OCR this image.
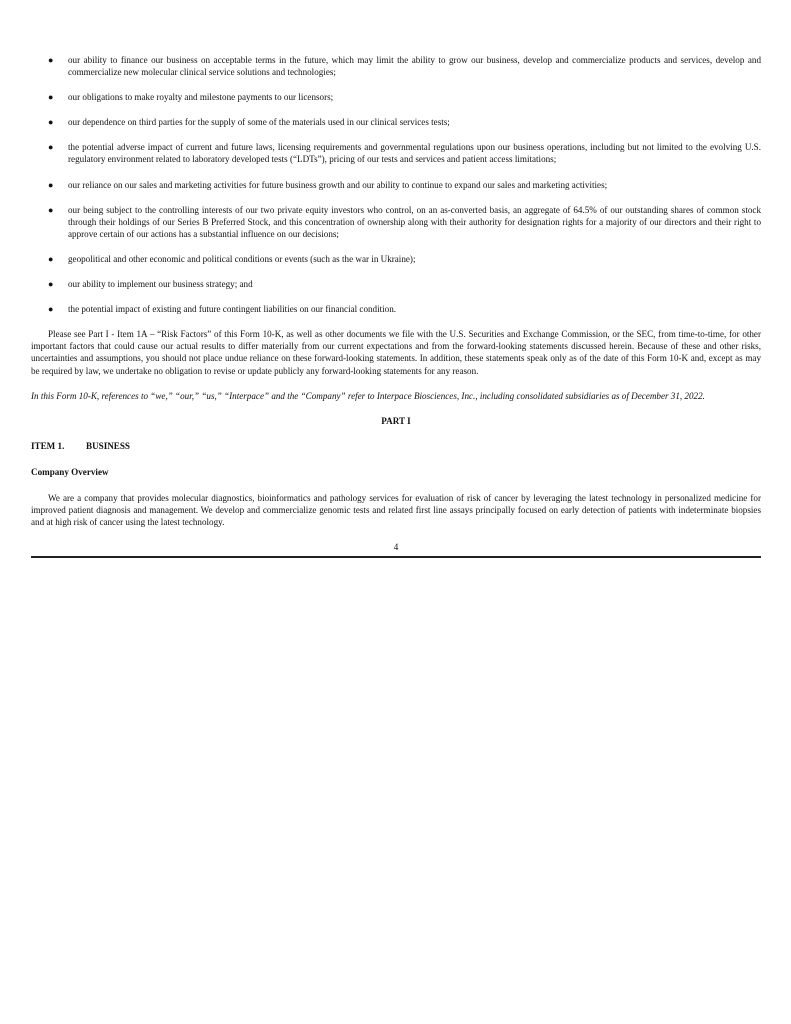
● our ability to finance our business on acceptable terms in the future, which may limit the ability to grow our business, develop and commercialize products and services, develop and commercialize new molecular clinical service solutions and technologies;
● our obligations to make royalty and milestone payments to our licensors;
● our dependence on third parties for the supply of some of the materials used in our clinical services tests;
● the potential adverse impact of current and future laws, licensing requirements and governmental regulations upon our business operations, including but not limited to the evolving U.S. regulatory environment related to laboratory developed tests (“LDTs”), pricing of our tests and services and patient access limitations;
● our reliance on our sales and marketing activities for future business growth and our ability to continue to expand our sales and marketing activities;
● our being subject to the controlling interests of our two private equity investors who control, on an as-converted basis, an aggregate of 64.5% of our outstanding shares of common stock through their holdings of our Series B Preferred Stock, and this concentration of ownership along with their authority for designation rights for a majority of our directors and their right to approve certain of our actions has a substantial influence on our decisions;
● geopolitical and other economic and political conditions or events (such as the war in Ukraine);
● our ability to implement our business strategy; and
● the potential impact of existing and future contingent liabilities on our financial condition.

Please see Part I - Item 1A – “Risk Factors” of this Form 10-K, as well as other documents we file with the U.S. Securities and Exchange Commission, or the SEC, from time-to-time, for other important factors that could cause our actual results to differ materially from our current expectations and from the forward-looking statements discussed herein. Because of these and other risks, uncertainties and assumptions, you should not place undue reliance on these forward-looking statements. In addition, these statements speak only as of the date of this Form 10-K and, except as may be required by law, we undertake no obligation to revise or update publicly any forward-looking statements for any reason.

In this Form 10-K, references to “we,” “our,” “us,” “Interpace” and the “Company” refer to Interpace Biosciences, Inc., including consolidated subsidiaries as of December 31, 2022.

PART I
ITEM 1. BUSINESS
Company Overview

We are a company that provides molecular diagnostics, bioinformatics and pathology services for evaluation of risk of cancer by leveraging the latest technology in personalized medicine for improved patient diagnosis and management. We develop and commercialize genomic tests and related first line assays principally focused on early detection of patients with indeterminate biopsies and at high risk of cancer using the latest technology.

4
